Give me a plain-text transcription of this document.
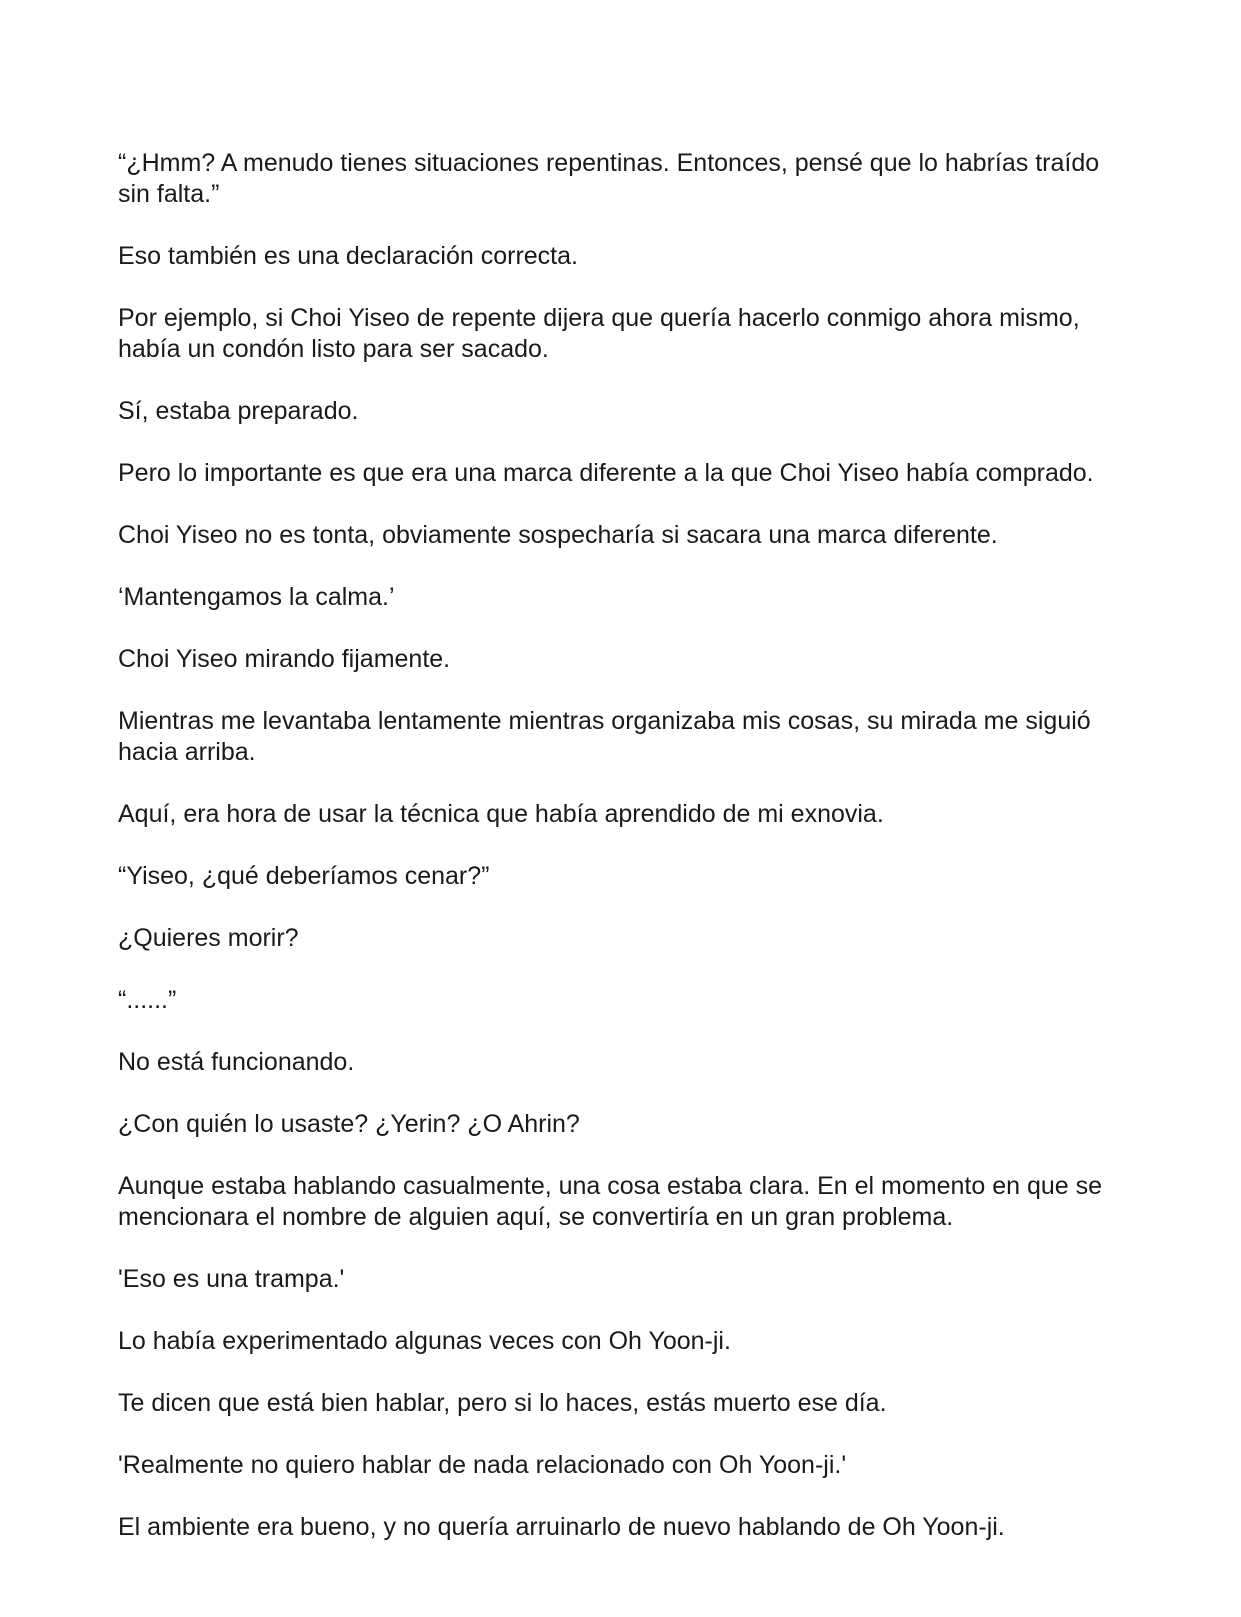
“¿Hmm? A menudo tienes situaciones repentinas. Entonces, pensé que lo habrías traído sin falta.”

Eso también es una declaración correcta.

Por ejemplo, si Choi Yiseo de repente dijera que quería hacerlo conmigo ahora mismo, había un condón listo para ser sacado.

Sí, estaba preparado.

Pero lo importante es que era una marca diferente a la que Choi Yiseo había comprado.

Choi Yiseo no es tonta, obviamente sospecharía si sacara una marca diferente.

‘Mantengamos la calma.’

Choi Yiseo mirando fijamente.

Mientras me levantaba lentamente mientras organizaba mis cosas, su mirada me siguió hacia arriba.

Aquí, era hora de usar la técnica que había aprendido de mi exnovia.

“Yiseo, ¿qué deberíamos cenar?”

¿Quieres morir?

“......”

No está funcionando.

¿Con quién lo usaste? ¿Yerin? ¿O Ahrin?

Aunque estaba hablando casualmente, una cosa estaba clara. En el momento en que se mencionara el nombre de alguien aquí, se convertiría en un gran problema.

'Eso es una trampa.'

Lo había experimentado algunas veces con Oh Yoon-ji.

Te dicen que está bien hablar, pero si lo haces, estás muerto ese día.

'Realmente no quiero hablar de nada relacionado con Oh Yoon-ji.'

El ambiente era bueno, y no quería arruinarlo de nuevo hablando de Oh Yoon-ji.
